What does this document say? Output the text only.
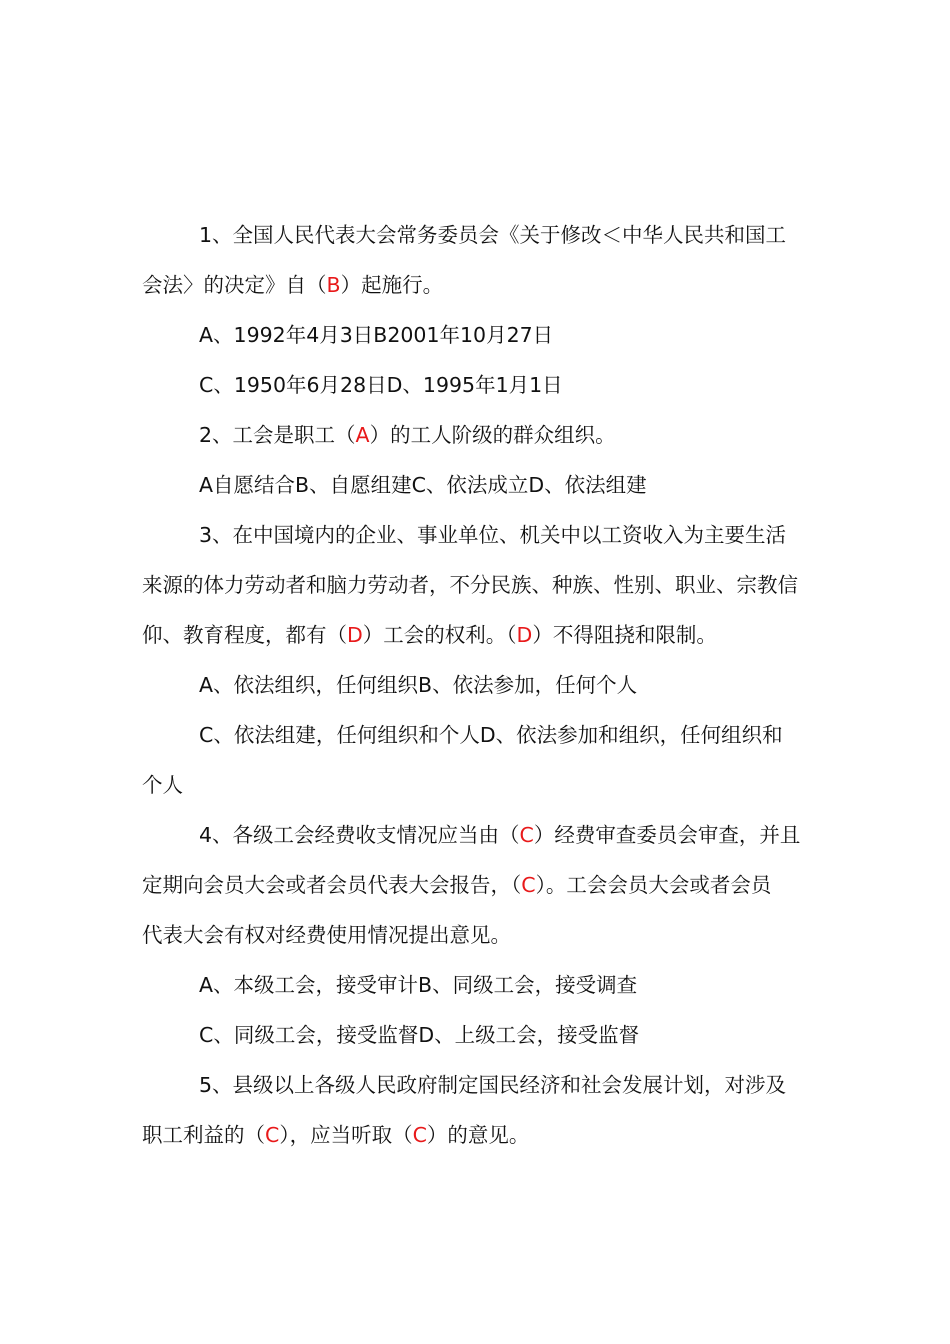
1、全国人民代表大会常务委员会《关于修改＜中华人民共和国工

会法〉的决定》自（B）起施行。

A、1992年4月3日B2001年10月27日

C、1950年6月28日D、1995年1月1日

2、工会是职工（A）的工人阶级的群众组织。

A自愿结合B、自愿组建C、依法成立D、依法组建

3、在中国境内的企业、事业单位、机关中以工资收入为主要生活

来源的体力劳动者和脑力劳动者，不分民族、种族、性别、职业、宗教信

仰、教育程度，都有（D）工会的权利。（D）不得阻挠和限制。

A、依法组织，任何组织B、依法参加，任何个人

C、依法组建，任何组织和个人D、依法参加和组织，任何组织和

个人

4、各级工会经费收支情况应当由（C）经费审查委员会审查，并且

定期向会员大会或者会员代表大会报告，（C）。工会会员大会或者会员

代表大会有权对经费使用情况提出意见。

A、本级工会，接受审计B、同级工会，接受调查

C、同级工会，接受监督D、上级工会，接受监督

5、县级以上各级人民政府制定国民经济和社会发展计划，对涉及

职工利益的（C），应当听取（C）的意见。
